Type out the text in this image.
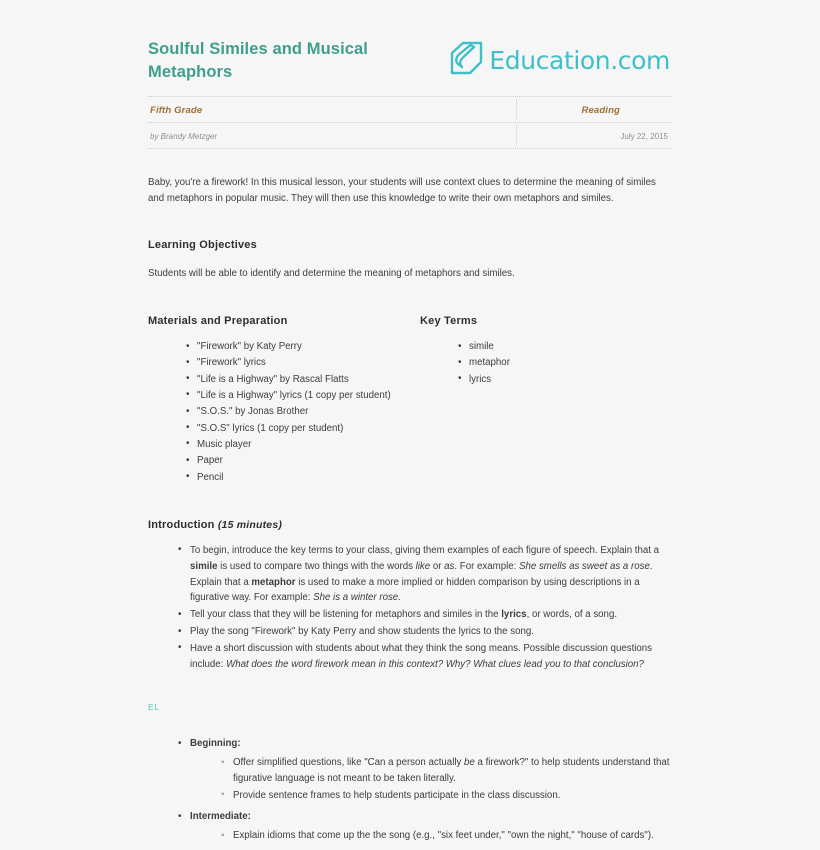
Soulful Similes and Musical Metaphors	Education.com
Fifth Grade	Reading
by Brandy Metzger	July 22, 2015

Baby, you're a firework! In this musical lesson, your students will use context clues to determine the meaning of similes and metaphors in popular music. They will then use this knowledge to write their own metaphors and similes.

Learning Objectives

Students will be able to identify and determine the meaning of metaphors and similes.

Materials and Preparation
• "Firework" by Katy Perry
• "Firework" lyrics
• "Life is a Highway" by Rascal Flatts
• "Life is a Highway" lyrics (1 copy per student)
• "S.O.S." by Jonas Brother
• "S.O.S" lyrics (1 copy per student)
• Music player
• Paper
• Pencil
Key Terms
• simile
• metaphor
• lyrics
Introduction (15 minutes)
• To begin, introduce the key terms to your class, giving them examples of each figure of speech. Explain that a simile is used to compare two things with the words like or as. For example: She smells as sweet as a rose. Explain that a metaphor is used to make a more implied or hidden comparison by using descriptions in a figurative way. For example: She is a winter rose.
• Tell your class that they will be listening for metaphors and similes in the lyrics, or words, of a song.
• Play the song "Firework" by Katy Perry and show students the lyrics to the song.
• Have a short discussion with students about what they think the song means. Possible discussion questions include: What does the word firework mean in this context? Why? What clues lead you to that conclusion?
EL
• Beginning:
◦ Offer simplified questions, like "Can a person actually be a firework?" to help students understand that figurative language is not meant to be taken literally.
◦ Provide sentence frames to help students participate in the class discussion.
• Intermediate:
◦ Explain idioms that come up the the song (e.g., "six feet under," "own the night," "house of cards").
